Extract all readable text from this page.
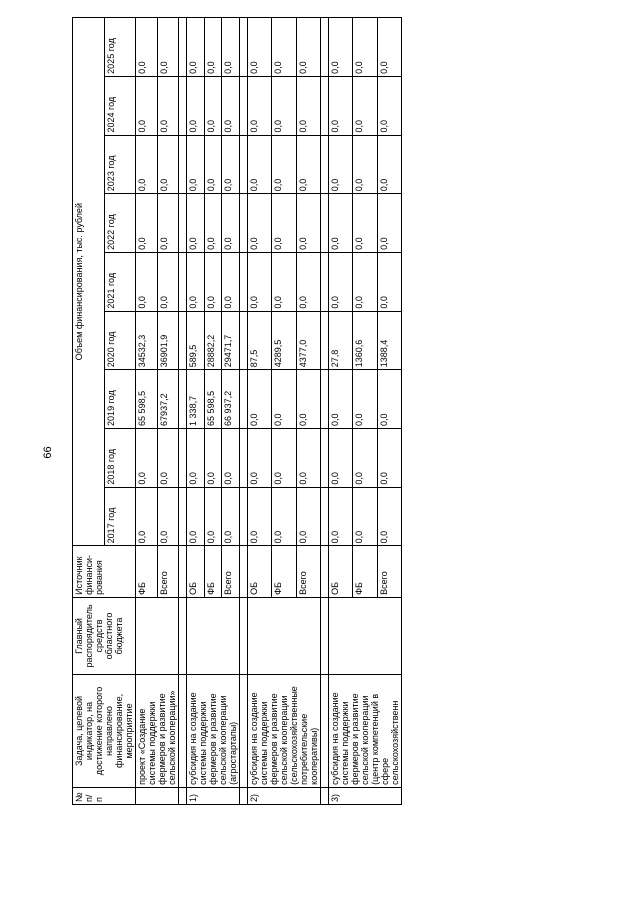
66
№ п/п	Задача, целевой индикатор, на достижение которого направлено финансирование, мероприятие	Главный распорядитель средств областного бюджета	Источник финанси-рования	Объем финансирования, тыс. рублей								
				2017 год	2018 год	2019 год	2020 год	2021 год	2022 год	2023 год	2024 год	2025 год
	проект «Создание системы поддержки фермеров и развитие сельской кооперации»		ФБ	0,0	0,0	65 598,5	34532,3	0,0	0,0	0,0	0,0	0,0
			Всего	0,0	0,0	67937,2	36901,9	0,0	0,0	0,0	0,0	0,0

1)	субсидия на создание системы поддержки фермеров и развитие сельской кооперации (агростартапы)		ОБ	0,0	0,0	1 338,7	589,5	0,0	0,0	0,0	0,0	0,0
			ФБ	0,0	0,0	65 598,5	28882,2	0,0	0,0	0,0	0,0	0,0
			Всего	0,0	0,0	66 937,2	29471,7	0,0	0,0	0,0	0,0	0,0

2)	субсидия на создание системы поддержки фермеров и развитие сельской кооперации (сельскохозяйственные потребительские кооперативы)		ОБ	0,0	0,0	0,0	87,5	0,0	0,0	0,0	0,0	0,0
			ФБ	0,0	0,0	0,0	4289,5	0,0	0,0	0,0	0,0	0,0
			Всего	0,0	0,0	0,0	4377,0	0,0	0,0	0,0	0,0	0,0

3)	субсидия на создание системы поддержки фермеров и развитие сельской кооперации (центр компетенций в сфере сельскохозяйственн		ОБ	0,0	0,0	0,0	27,8	0,0	0,0	0,0	0,0	0,0
			ФБ	0,0	0,0	0,0	1360,6	0,0	0,0	0,0	0,0	0,0
			Всего	0,0	0,0	0,0	1388,4	0,0	0,0	0,0	0,0	0,0
